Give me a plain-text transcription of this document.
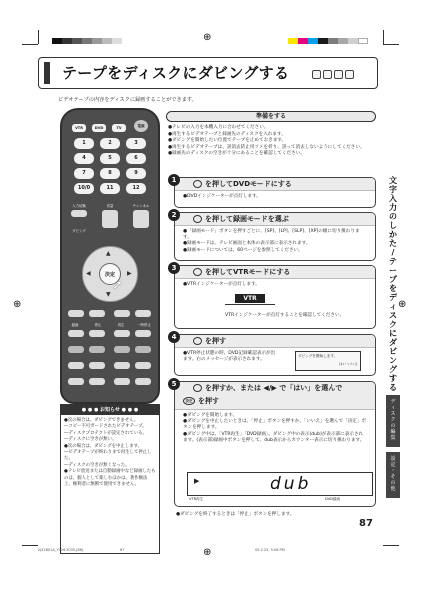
⊕
⊕
⊕	⊕
テープをディスクにダビングする
ビデオテープの内容をディスクに録画することができます。
VTR	DVD	TV	電源
1	2	3
4	5	6
7	8	9
10/0	11	12
入力切換	音量	チャンネル
ダビング
決定
▲
▼
◀	▶
➚
録画	停止	再生	一時停止
● ● ● お知らせ ● ● ●
●次の場合は、ダビングできません。
―コピー不可ガードされたビデオテープ。
―ディスクプロテクトが設定されている。
―ディスクに空きが無い。
●次の場合は、ダビングを中止します。
―ビデオテープが終わりまで再生して停止した。
―ディスクの空きが無くなった。
●テレビ放送または自動録画中など録画したものは、個人として楽しむほかは、著作権法上、権利者に無断で使用できません。
準備をする
●テレビの入力を本機入力に合わせてください。
●再生するビデオテープと録画先のディスクを入れます。
●ダビングを開始したい位置でテープを止めておきます。
●再生するビデオテープは、誤消去防止用ツメを折り、誤って消去しないようにしてください。
●録画先のディスクの空きが十分にあることを確認してください。
を押してDVDモードにする
●DVDインジケーターが点灯します。
1
を押して録画モードを選ぶ
●「録画モード」ボタンを押すごとに、[SP]、[LP]、[SLP]、[XP]の順に切り換わります。
●録画モードは、テレビ画面と本体の表示部に表示されます。
●録画モードについては、60ページを参照してください。
2
を押してVTRモードにする
●VTRインジケーターが点灯します。
VTR
VTRインジケーターが点灯することを確認してください。
3
を押す
●VTR停止状態の時、DVD記録確認表示が出ます。右のメッセージが表示されます。
ダビングを開始します。
はい いいえ
4
を押すか、または ◀/▶ で「はい」を選んで
決定 を押す
●ダビングを開始します。
●ダビングを中止したいときは、「停止」ボタンを押すか、「いいえ」を選んで「決定」ボタンを押します。
●ダビング中は、「VTR再生」「DVD録画」、ダビング中の表示(dub)が表示部に表示されます。(表示部)録画中ボタンを押して、dub表示からカウンター表示に切り換わります。
▶	dub
VTR再生	DVD録画
5
●ダビングを終了するときは「停止」ボタンを押します。
文
字
入
力
の
し
か
た
/
テ
ー
プ
を
デ
ィ
ス
ク
に
ダ
ビ
ン
グ
す
る
デ
ィ
ス
ク
の
編
集
設
定
・
そ
の
他
87
2J42801A_Y026-Y035.[88]	87	05.2.25, 5:08 PM
